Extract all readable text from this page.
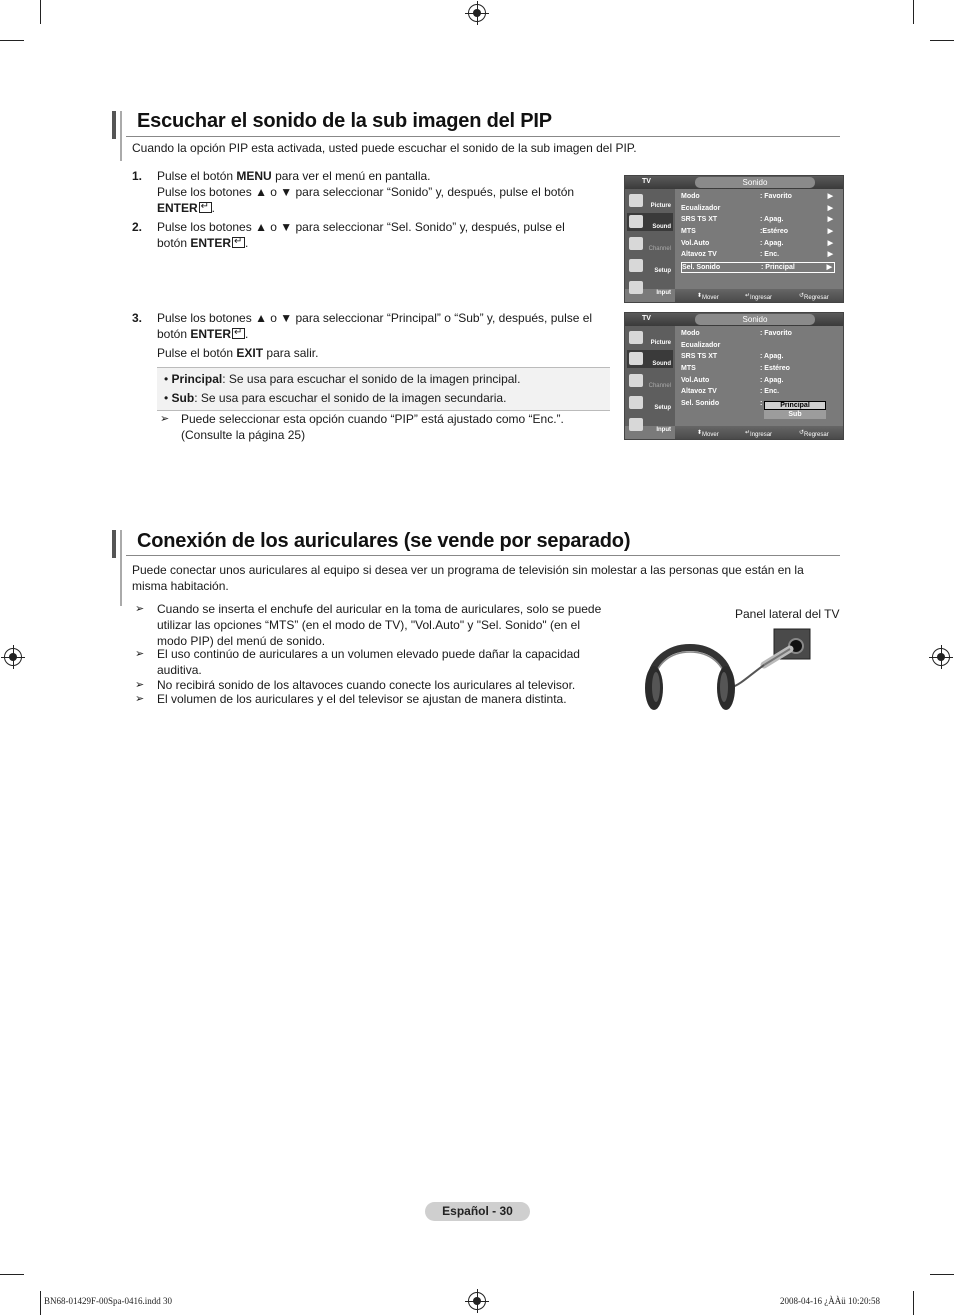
Escuchar el sonido de la sub imagen del PIP
Cuando la opción PIP esta activada, usted puede escuchar el sonido de la sub imagen del PIP.
1. Pulse el botón MENU para ver el menú en pantalla.
Pulse los botones ▲ o ▼ para seleccionar “Sonido” y, después, pulse el botón
ENTER ↵ .
2. Pulse los botones ▲ o ▼ para seleccionar “Sel. Sonido” y, después, pulse el
botón ENTER ↵ .
3. Pulse los botones ▲ o ▼ para seleccionar “Principal” o “Sub” y, después, pulse el
botón ENTER ↵ .
Pulse el botón EXIT para salir.
• Principal: Se usa para escuchar el sonido de la imagen principal.
• Sub: Se usa para escuchar el sonido de la imagen secundaria.
➢ Puede seleccionar esta opción cuando “PIP” está ajustado como “Enc.”.
(Consulte la página 25)
TV	Sonido
Picture
Sound
Channel
Setup
Input
Modo	: Favorito	▶
Ecualizador	▶
SRS TS XT	: Apag.	▶
MTS	:Estéreo	▶
Vol.Auto	: Apag.	▶
Altavoz TV	: Enc.	▶
Sel. Sonido	: Principal	▶
⬍ Mover	↵ Ingresar	↺ Regresar
TV	Sonido
Picture
Sound
Channel
Setup
Input
Modo	: Favorito
Ecualizador
SRS TS XT	: Apag.
MTS	: Estéreo
Vol.Auto	: Apag.
Altavoz TV	: Enc.
Sel. Sonido	:	Principal
Sub
⬍ Mover	↵ Ingresar	↺ Regresar
Conexión de los auriculares (se vende por separado)
Puede conectar unos auriculares al equipo si desea ver un programa de televisión sin molestar a las personas que están en la
misma habitación.
➢ Cuando se inserta el enchufe del auricular en la toma de auriculares, solo se puede
utilizar las opciones “MTS” (en el modo de TV), "Vol.Auto" y "Sel. Sonido" (en el
modo PIP) del menú de sonido.
➢ El uso continúo de auriculares a un volumen elevado puede dañar la capacidad
auditiva.
➢ No recibirá sonido de los altavoces cuando conecte los auriculares al televisor.
➢ El volumen de los auriculares y el del televisor se ajustan de manera distinta.
Panel lateral del TV
Español - 30
BN68-01429F-00Spa-0416.indd 30	2008-04-16 ¿ÀÀü 10:20:58
